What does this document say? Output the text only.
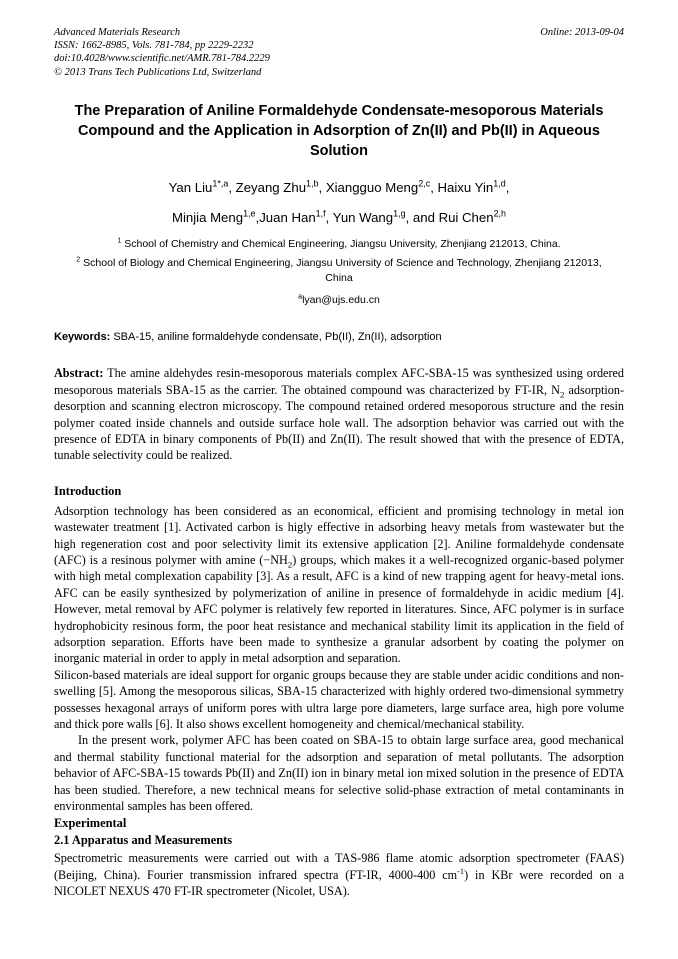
Advanced Materials Research
ISSN: 1662-8985, Vols. 781-784, pp 2229-2232
doi:10.4028/www.scientific.net/AMR.781-784.2229
© 2013 Trans Tech Publications Ltd, Switzerland
Online: 2013-09-04
The Preparation of Aniline Formaldehyde Condensate-mesoporous Materials Compound and the Application in Adsorption of Zn(II) and Pb(II) in Aqueous Solution
Yan Liu$^{1*,a}$, Zeyang Zhu$^{1,b}$, Xiangguo Meng$^{2,c}$, Haixu Yin$^{1,d}$,
Minjia Meng$^{1,e}$,Juan Han$^{1,f}$, Yun Wang$^{1,g}$, and Rui Chen$^{2,h}$
$^1$ School of Chemistry and Chemical Engineering, Jiangsu University, Zhenjiang 212013, China.
$^2$ School of Biology and Chemical Engineering, Jiangsu University of Science and Technology, Zhenjiang 212013, China
$^a$lyan@ujs.edu.cn
Keywords: SBA-15, aniline formaldehyde condensate, Pb(II), Zn(II), adsorption
Abstract: The amine aldehydes resin-mesoporous materials complex AFC-SBA-15 was synthesized using ordered mesoporous materials SBA-15 as the carrier. The obtained compound was characterized by FT-IR, $N_2$ adsorption-desorption and scanning electron microscopy. The compound retained ordered mesoporous structure and the resin polymer coated inside channels and outside surface hole wall. The adsorption behavior was carried out with the presence of EDTA in binary components of Pb(II) and Zn(II). The result showed that with the presence of EDTA, tunable selectivity could be realized.
Introduction

Adsorption technology has been considered as an economical, efficient and promising technology in metal ion wastewater treatment [1]. Activated carbon is higly effective in adsorbing heavy metals from wastewater but the high regeneration cost and poor selectivity limit its extensive application [2]. Aniline formaldehyde condensate (AFC) is a resinous polymer with amine $(-NH_2)$ groups, which makes it a well-recognized organic-based polymer with high metal complexation capability [3]. As a result, AFC is a kind of new trapping agent for heavy-metal ions. AFC can be easily synthesized by polymerization of aniline in presence of formaldehyde in acidic medium [4]. However, metal removal by AFC polymer is relatively few reported in literatures. Since, AFC polymer is in surface hydrophobicity resinous form, the poor heat resistance and mechanical stability limit its application in the field of adsorption separation. Efforts have been made to synthesize a granular adsorbent by coating the polymer on inorganic material in order to apply in metal adsorption and separation.

Silicon-based materials are ideal support for organic groups because they are stable under acidic conditions and non-swelling [5]. Among the mesoporous silicas, SBA-15 characterized with highly ordered two-dimensional symmetry possesses hexagonal arrays of uniform pores with ultra large pore diameters, large surface area, high pore volume and thick pore walls [6]. It also shows excellent homogeneity and chemical/mechanical stability.

In the present work, polymer AFC has been coated on SBA-15 to obtain large surface area, good mechanical and thermal stability functional material for the adsorption and separation of metal pollutants. The adsorption behavior of AFC-SBA-15 towards Pb(II) and Zn(II) ion in binary metal ion mixed solution in the presence of EDTA has been studied. Therefore, a new technical means for selective solid-phase extraction of metal contaminants in environmental samples has been offered.

Experimental
2.1 Apparatus and Measurements

Spectrometric measurements were carried out with a TAS-986 flame atomic adsorption spectrometer (FAAS) (Beijing, China). Fourier transmission infrared spectra (FT-IR, 4000-400 $cm^{-1}$) in KBr were recorded on a NICOLET NEXUS 470 FT-IR spectrometer (Nicolet, USA).
